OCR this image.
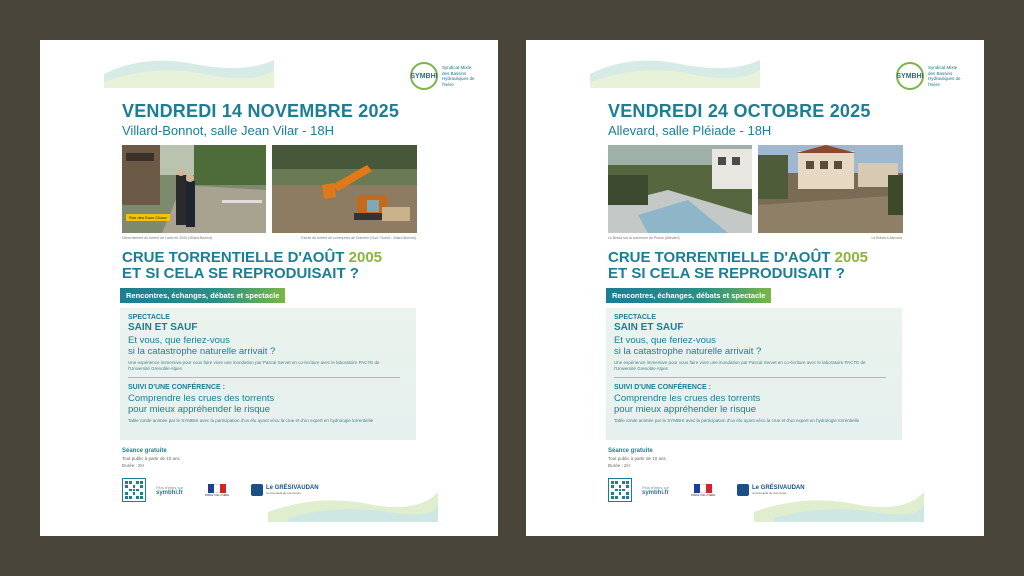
SYMBHI
Syndicat Mixte des Bassins Hydrauliques de l'Isère
VENDREDI 14 NOVEMBRE 2025
Villard-Bonnot, salle Jean Vilar - 18H
Rue des Eaux Chaux
Débordement du torrent de Laval en 2005 (Villard-Bonnot)	Extrait du torrent de communes de Domène (Sud / Ouest - Villard-Bonnot)
CRUE TORRENTIELLE D'AOÛT 2005
ET SI CELA SE REPRODUISAIT ?
Rencontres, échanges, débats et spectacle
SPECTACLE
SAIN ET SAUF
Et vous, que feriez-vous
si la catastrophe naturelle arrivait ?
Une expérience immersive pour vous faire vivre une inondation par Pascal Servet en co-écriture avec le laboratoire PACTE de l'Université Grenoble Alpes
SUIVI D'UNE CONFÉRENCE :
Comprendre les crues des torrents
pour mieux appréhender le risque
Table ronde animée par le SYMBHI avec la participation d'un élu ayant vécu la crue et d'un expert en hydrologie torrentielle
Séance gratuite
Tout public à partir de 10 ans
Durée : 2H
Plus d'infos sur
symbhi.fr	PRÉFET DE L'ISÈRE
Le GRÉSIVAUDAN
communauté de communes
SYMBHI
Syndicat Mixte des Bassins Hydrauliques de l'Isère
VENDREDI 24 OCTOBRE 2025
Allevard, salle Pléiade - 18H
Le Bréda sur la commune de Pinsot (Allevard)	Le Bréda à Allevard
CRUE TORRENTIELLE D'AOÛT 2005
ET SI CELA SE REPRODUISAIT ?
Rencontres, échanges, débats et spectacle
SPECTACLE
SAIN ET SAUF
Et vous, que feriez-vous
si la catastrophe naturelle arrivait ?
Une expérience immersive pour vous faire vivre une inondation par Pascal Servet en co-écriture avec le laboratoire PACTE de l'Université Grenoble Alpes
SUIVI D'UNE CONFÉRENCE :
Comprendre les crues des torrents
pour mieux appréhender le risque
Table ronde animée par le SYMBHI avec la participation d'un élu ayant vécu la crue et d'un expert en hydrologie torrentielle
Séance gratuite
Tout public à partir de 10 ans
Durée : 2H
Plus d'infos sur
symbhi.fr	PRÉFET DE L'ISÈRE
Le GRÉSIVAUDAN
communauté de communes
